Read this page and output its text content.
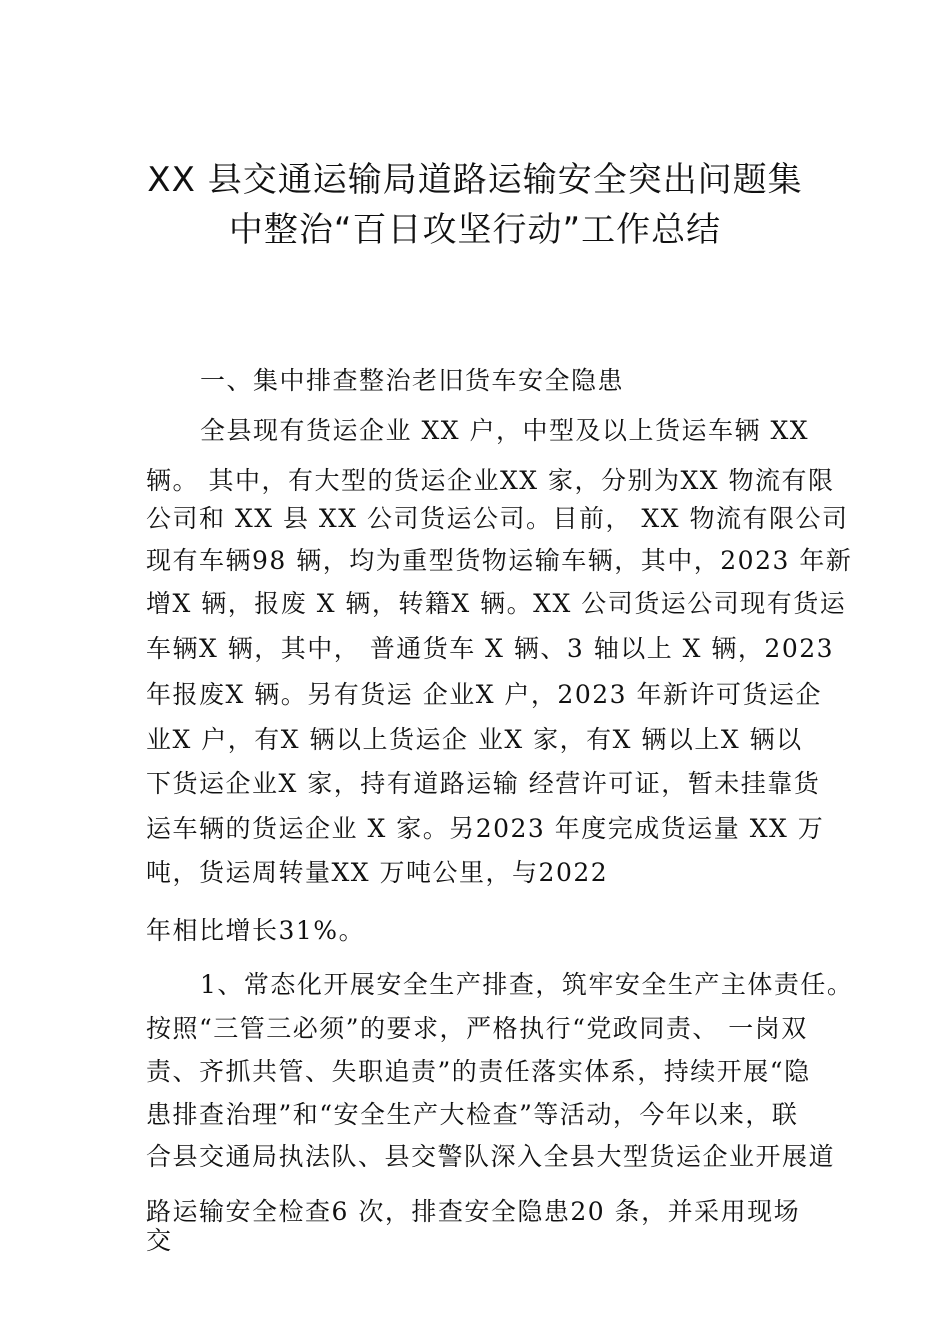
XX 县交通运输局道路运输安全突出问题集
中整治“百日攻坚行动”工作总结
一、集中排查整治老旧货车安全隐患
全县现有货运企业 XX 户，中型及以上货运车辆 XX
辆。 其中，有大型的货运企业XX 家，分别为XX 物流有限
公司和 XX 县 XX 公司货运公司。目前， XX 物流有限公司
现有车辆98 辆，均为重型货物运输车辆，其中，2023 年新
增X 辆，报废 X 辆，转籍X 辆。XX 公司货运公司现有货运
车辆X 辆，其中， 普通货车 X 辆、3 轴以上 X 辆，2023
年报废X 辆。另有货运 企业X 户，2023 年新许可货运企
业X 户，有X 辆以上货运企 业X 家，有X 辆以上X 辆以
下货运企业X 家，持有道路运输 经营许可证，暂未挂靠货
运车辆的货运企业 X 家。另2023 年度完成货运量 XX 万
吨，货运周转量XX 万吨公里，与2022
年相比增长31%。
1、常态化开展安全生产排查，筑牢安全生产主体责任。
按照“三管三必须”的要求，严格执行“党政同责、 一岗双
责、齐抓共管、失职追责”的责任落实体系，持续开展“隐
患排查治理”和“安全生产大检查”等活动，今年以来，联
合县交通局执法队、县交警队深入全县大型货运企业开展道
路运输安全检查6 次，排查安全隐患20 条，并采用现场
交
